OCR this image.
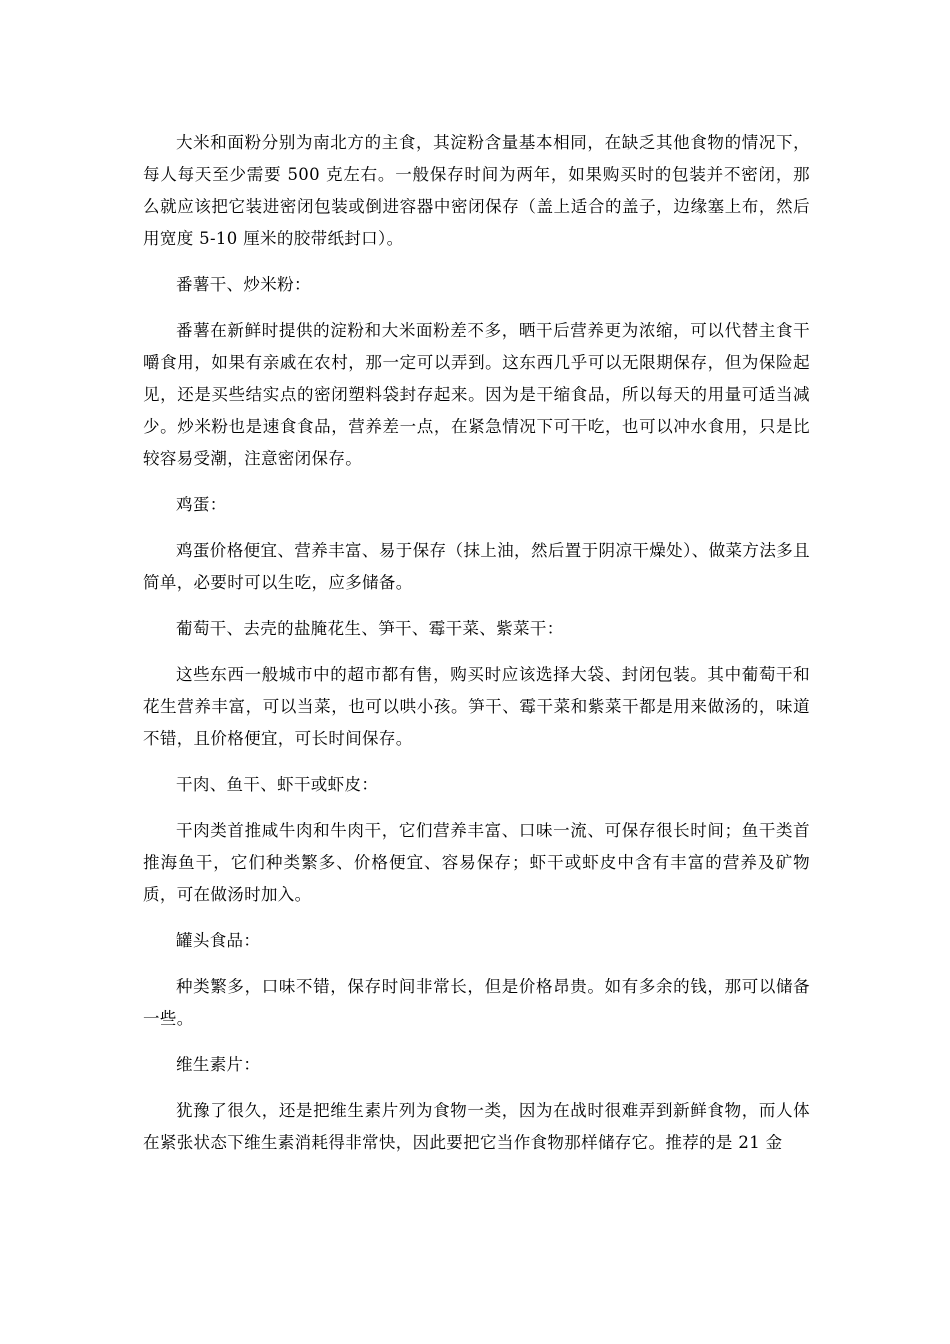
大米和面粉分别为南北方的主食，其淀粉含量基本相同，在缺乏其他食物的情况下，每人每天至少需要 500 克左右。一般保存时间为两年，如果购买时的包装并不密闭，那么就应该把它装进密闭包装或倒进容器中密闭保存（盖上适合的盖子，边缘塞上布，然后用宽度 5-10 厘米的胶带纸封口）。

番薯干、炒米粉：

番薯在新鲜时提供的淀粉和大米面粉差不多，晒干后营养更为浓缩，可以代替主食干嚼食用，如果有亲戚在农村，那一定可以弄到。这东西几乎可以无限期保存，但为保险起见，还是买些结实点的密闭塑料袋封存起来。因为是干缩食品，所以每天的用量可适当减少。炒米粉也是速食食品，营养差一点，在紧急情况下可干吃，也可以冲水食用，只是比较容易受潮，注意密闭保存。

鸡蛋：

鸡蛋价格便宜、营养丰富、易于保存（抹上油，然后置于阴凉干燥处）、做菜方法多且简单，必要时可以生吃，应多储备。

葡萄干、去壳的盐腌花生、笋干、霉干菜、紫菜干：

这些东西一般城市中的超市都有售，购买时应该选择大袋、封闭包装。其中葡萄干和花生营养丰富，可以当菜，也可以哄小孩。笋干、霉干菜和紫菜干都是用来做汤的，味道不错，且价格便宜，可长时间保存。

干肉、鱼干、虾干或虾皮：

干肉类首推咸牛肉和牛肉干，它们营养丰富、口味一流、可保存很长时间；鱼干类首推海鱼干，它们种类繁多、价格便宜、容易保存；虾干或虾皮中含有丰富的营养及矿物质，可在做汤时加入。

罐头食品：

种类繁多，口味不错，保存时间非常长，但是价格昂贵。如有多余的钱，那可以储备一些。

维生素片：

犹豫了很久，还是把维生素片列为食物一类，因为在战时很难弄到新鲜食物，而人体在紧张状态下维生素消耗得非常快，因此要把它当作食物那样储存它。推荐的是 21 金
